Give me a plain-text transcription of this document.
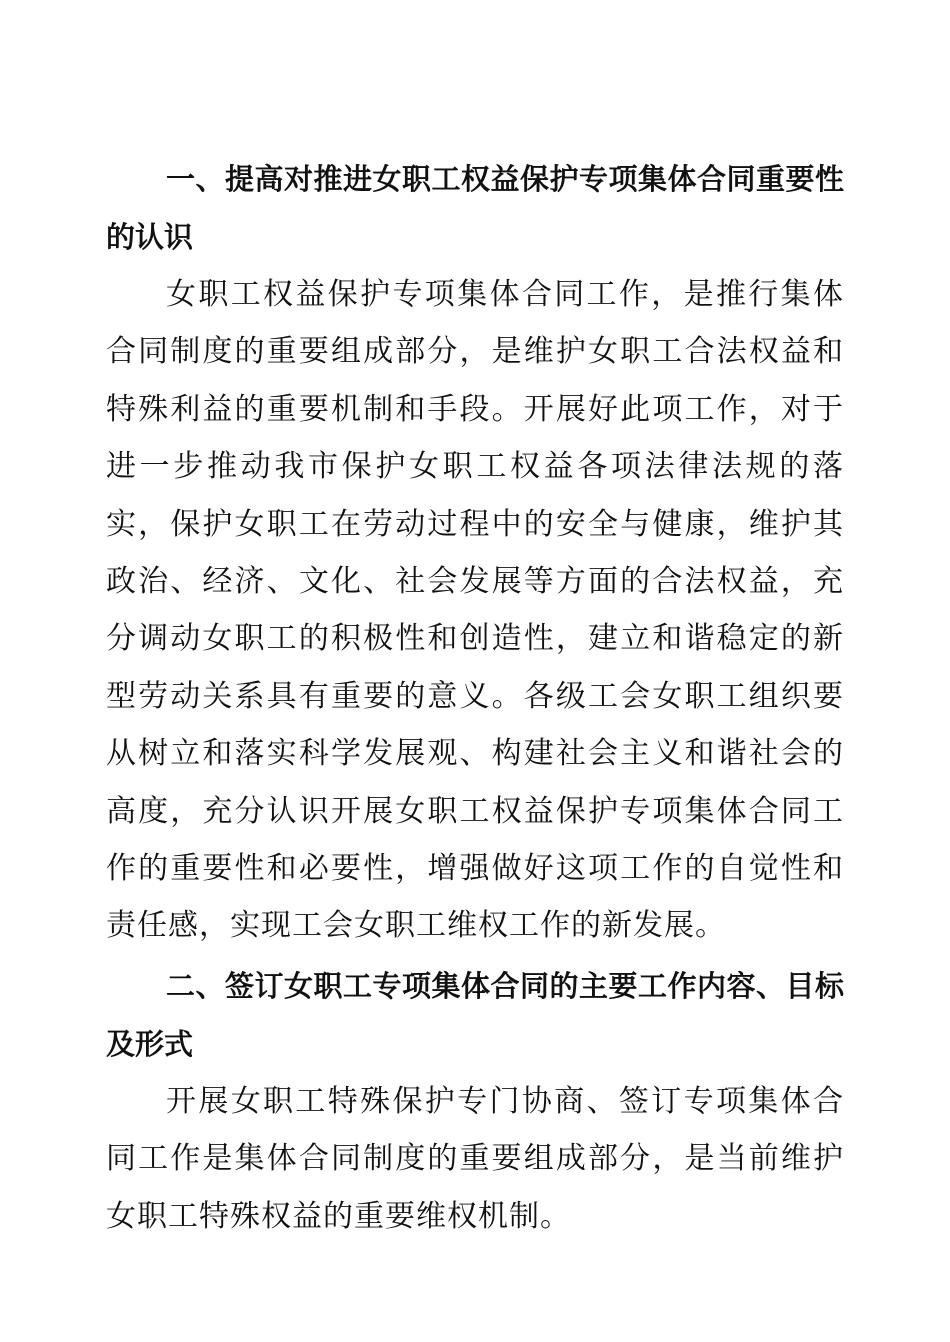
一、提高对推进女职工权益保护专项集体合同重要性的认识

女职工权益保护专项集体合同工作，是推行集体合同制度的重要组成部分，是维护女职工合法权益和特殊利益的重要机制和手段。开展好此项工作，对于进一步推动我市保护女职工权益各项法律法规的落实，保护女职工在劳动过程中的安全与健康，维护其政治、经济、文化、社会发展等方面的合法权益，充分调动女职工的积极性和创造性，建立和谐稳定的新型劳动关系具有重要的意义。各级工会女职工组织要从树立和落实科学发展观、构建社会主义和谐社会的高度，充分认识开展女职工权益保护专项集体合同工作的重要性和必要性，增强做好这项工作的自觉性和责任感，实现工会女职工维权工作的新发展。

二、签订女职工专项集体合同的主要工作内容、目标及形式

开展女职工特殊保护专门协商、签订专项集体合同工作是集体合同制度的重要组成部分，是当前维护女职工特殊权益的重要维权机制。
